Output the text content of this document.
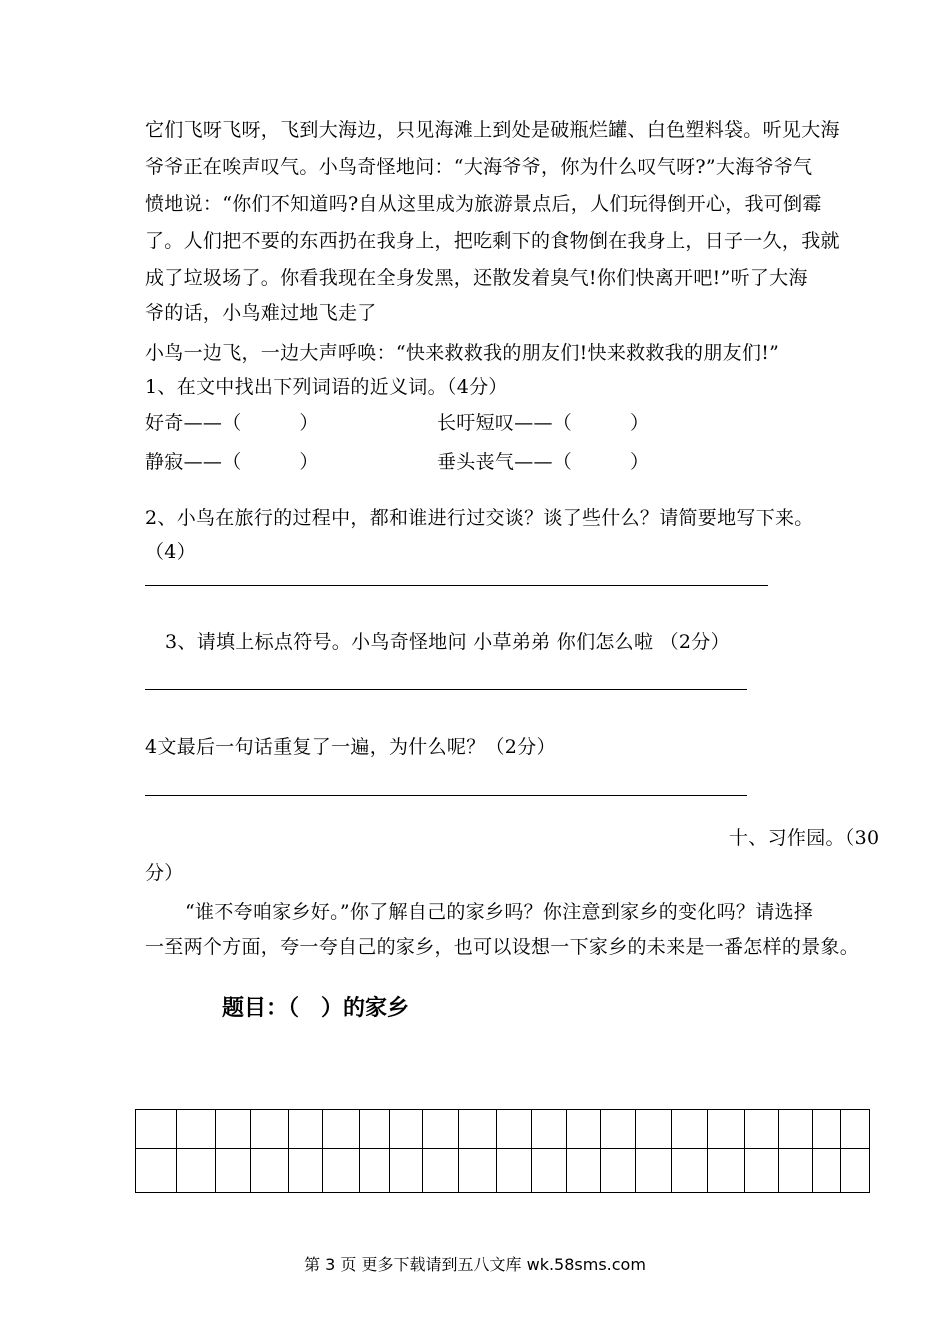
它们飞呀飞呀，飞到大海边，只见海滩上到处是破瓶烂罐、白色塑料袋。听见大海
爷爷正在唉声叹气。小鸟奇怪地问：“大海爷爷，你为什么叹气呀?”大海爷爷气
愤地说：“你们不知道吗?自从这里成为旅游景点后，人们玩得倒开心，我可倒霉
了。人们把不要的东西扔在我身上，把吃剩下的食物倒在我身上，日子一久，我就
成了垃圾场了。你看我现在全身发黑，还散发着臭气!你们快离开吧!”听了大海
爷的话，小鸟难过地飞走了
小鸟一边飞，一边大声呼唤：“快来救救我的朋友们!快来救救我的朋友们!”
1、在文中找出下列词语的近义词。（4分）
好奇——（　　　）	长吁短叹——（　　　）
静寂——（　　　）	垂头丧气——（　　　）
2、小鸟在旅行的过程中，都和谁进行过交谈？谈了些什么？请简要地写下来。
（4）
3、请填上标点符号。小鸟奇怪地问 小草弟弟 你们怎么啦 （2分）
4文最后一句话重复了一遍，为什么呢？（2分）
十、习作园。（30
分）
“谁不夸咱家乡好。”你了解自己的家乡吗？你注意到家乡的变化吗？请选择
一至两个方面，夸一夸自己的家乡，也可以设想一下家乡的未来是一番怎样的景象。
题目：（　）的家乡
第 3 页 更多下载请到五八文库 wk.58sms.com
